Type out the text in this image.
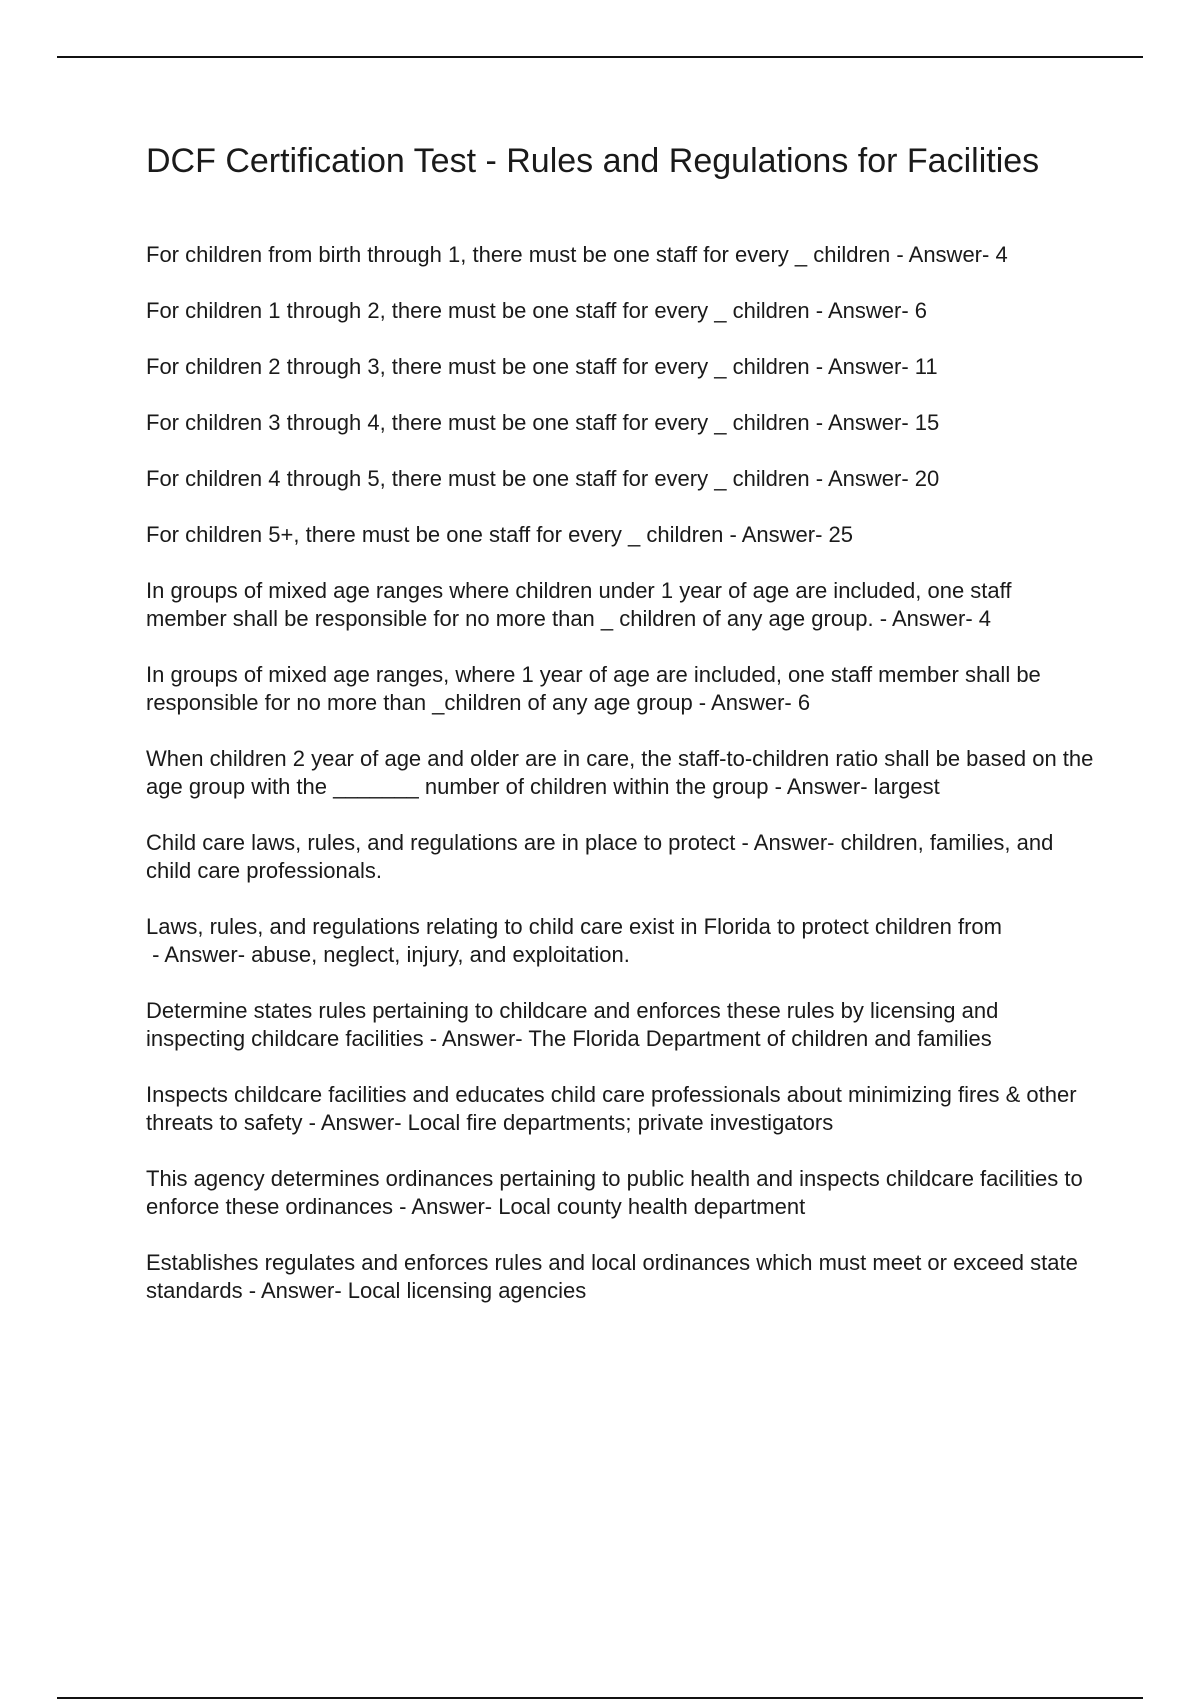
DCF Certification Test - Rules and Regulations for Facilities

For children from birth through 1, there must be one staff for every _ children - Answer- 4

For children 1 through 2, there must be one staff for every _ children - Answer- 6

For children 2 through 3, there must be one staff for every _ children - Answer- 11

For children 3 through 4, there must be one staff for every _ children - Answer- 15

For children 4 through 5, there must be one staff for every _ children - Answer- 20

For children 5+, there must be one staff for every _ children - Answer- 25

In groups of mixed age ranges where children under 1 year of age are included, one staff member shall be responsible for no more than _ children of any age group. - Answer- 4

In groups of mixed age ranges, where 1 year of age are included, one staff member shall be responsible for no more than _children of any age group - Answer- 6

When children 2 year of age and older are in care, the staff-to-children ratio shall be based on the age group with the _______ number of children within the group - Answer- largest

Child care laws, rules, and regulations are in place to protect - Answer- children, families, and child care professionals.

Laws, rules, and regulations relating to child care exist in Florida to protect children from - Answer- abuse, neglect, injury, and exploitation.

Determine states rules pertaining to childcare and enforces these rules by licensing and inspecting childcare facilities - Answer- The Florida Department of children and families

Inspects childcare facilities and educates child care professionals about minimizing fires & other threats to safety - Answer- Local fire departments; private investigators

This agency determines ordinances pertaining to public health and inspects childcare facilities to enforce these ordinances - Answer- Local county health department

Establishes regulates and enforces rules and local ordinances which must meet or exceed state standards - Answer- Local licensing agencies
